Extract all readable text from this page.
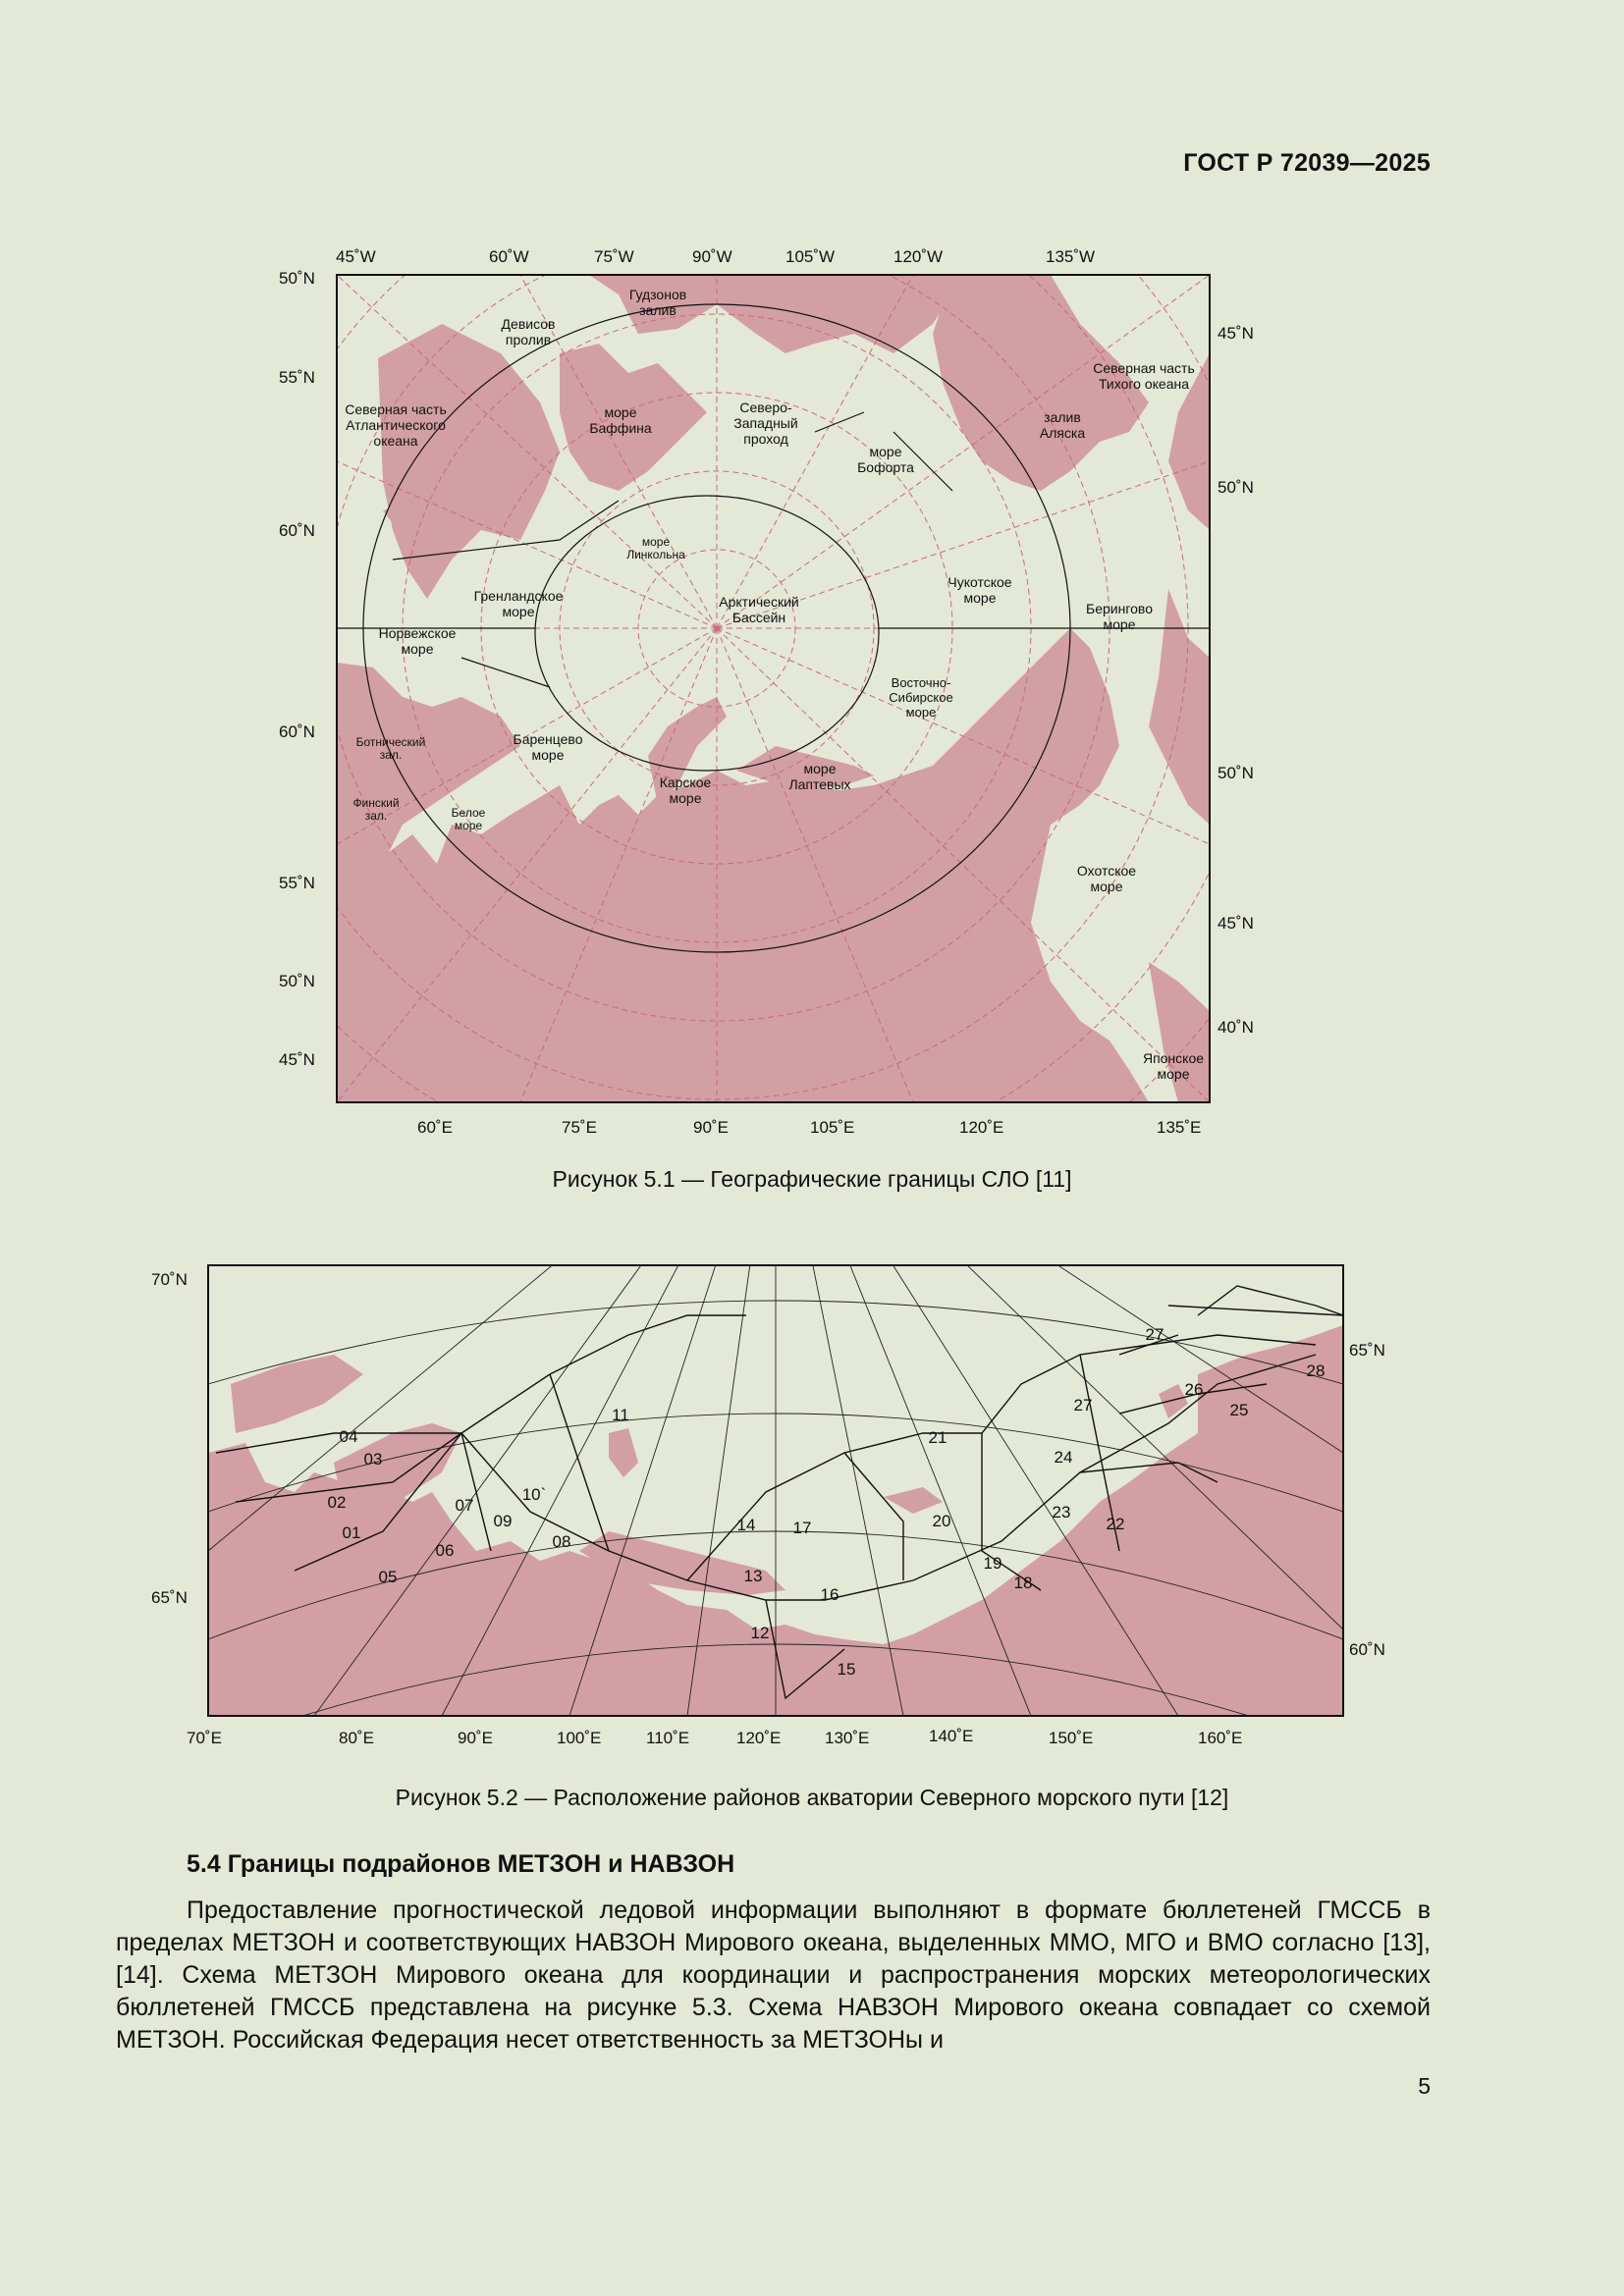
ГОСТ Р 72039—2025
45˚W	60˚W	75˚W	90˚W	105˚W	120˚W	135˚W
60˚E	75˚E	90˚E	105˚E	120˚E	135˚E
50˚N
55˚N
60˚N
60˚N
55˚N
50˚N
45˚N
45˚N
50˚N
50˚N
45˚N
40˚N
Гудзонов залив
Девисов пролив
Северная часть Атлантического океана
море Баффина
Северо-Западный проход
море Бофорта
Северная часть Тихого океана
залив Аляска
море Линкольна
Гренландское море
Арктический Бассейн
Чукотское море
Берингово море
Норвежское море
Восточно-Сибирское море
Ботнический зал.
Баренцево море
Карское море
море Лаптевых
Финский зал.	Белое море
Охотское море
Японское море
Рисунок 5.1 — Географические границы СЛО [11]
01
02
03
04
05
06
07
08
09
10`
11
12
13
14
15
16
17
18
19
20
21
22
23
24
25
26
27
27
28
70˚E	80˚E	90˚E	100˚E	110˚E	120˚E	130˚E	140˚E	150˚E	160˚E
70˚N
65˚N
65˚N
60˚N
Рисунок 5.2 — Расположение районов акватории Северного морского пути [12]
5.4 Границы подрайонов МЕТЗОН и НАВЗОН
Предоставление прогностической ледовой информации выполняют в формате бюллетеней ГМССБ в пределах МЕТЗОН и соответствующих НАВЗОН Мирового океана, выделенных ММО, МГО и ВМО согласно [13], [14]. Схема МЕТЗОН Мирового океана для координации и распространения морских метеорологических бюллетеней ГМССБ представлена на рисунке 5.3. Схема НАВЗОН Мирового океана совпадает со схемой МЕТЗОН. Российская Федерация несет ответственность за МЕТЗОНы и
5
